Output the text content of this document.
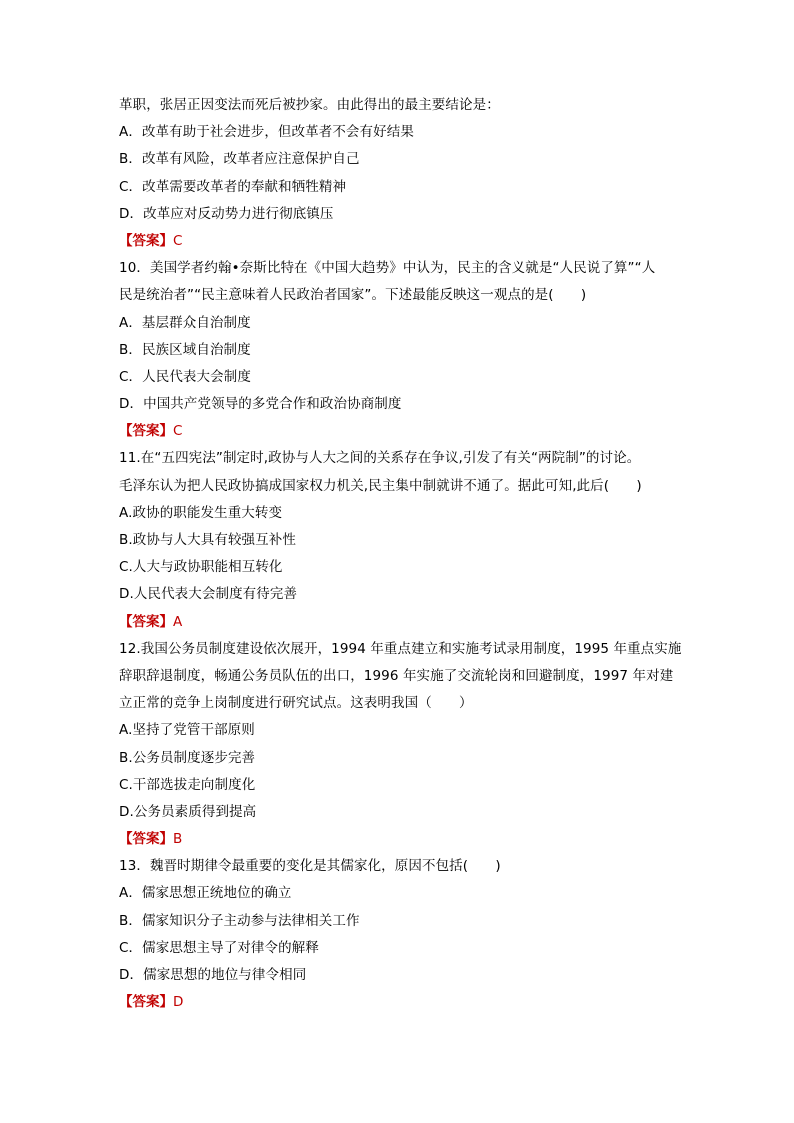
革职，张居正因变法而死后被抄家。由此得出的最主要结论是：
A．改革有助于社会进步，但改革者不会有好结果
B．改革有风险，改革者应注意保护自己
C．改革需要改革者的奉献和牺牲精神
D．改革应对反动势力进行彻底镇压
【答案】C
10．美国学者约翰•奈斯比特在《中国大趋势》中认为，民主的含义就是“人民说了算”“人
民是统治者”“民主意味着人民政治者国家”。下述最能反映这一观点的是(　　)
A．基层群众自治制度
B．民族区域自治制度
C．人民代表大会制度
D．中国共产党领导的多党合作和政治协商制度
【答案】C
11.在“五四宪法”制定时,政协与人大之间的关系存在争议,引发了有关“两院制”的讨论。
毛泽东认为把人民政协搞成国家权力机关,民主集中制就讲不通了。据此可知,此后(　　)
A.政协的职能发生重大转变
B.政协与人大具有较强互补性
C.人大与政协职能相互转化
D.人民代表大会制度有待完善
【答案】A
12.我国公务员制度建设依次展开，1994 年重点建立和实施考试录用制度，1995 年重点实施
辞职辞退制度，畅通公务员队伍的出口，1996 年实施了交流轮岗和回避制度，1997 年对建
立正常的竞争上岗制度进行研究试点。这表明我国（　　）
A.坚持了党管干部原则
B.公务员制度逐步完善
C.干部选拔走向制度化
D.公务员素质得到提高
【答案】B
13．魏晋时期律令最重要的变化是其儒家化，原因不包括(　　)
A．儒家思想正统地位的确立
B．儒家知识分子主动参与法律相关工作
C．儒家思想主导了对律令的解释
D．儒家思想的地位与律令相同
【答案】D
